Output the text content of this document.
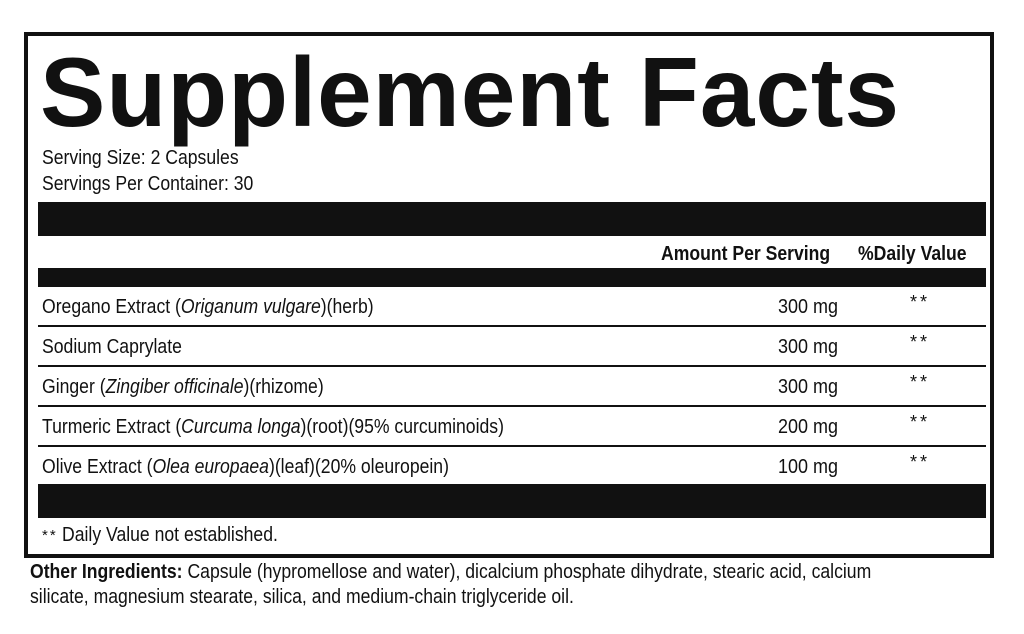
Supplement Facts
Serving Size: 2 Capsules
Servings Per Container: 30
Amount Per Serving %Daily Value
Oregano Extract (Origanum vulgare)(herb)	300 mg	**
Sodium Caprylate	300 mg	**
Ginger (Zingiber officinale)(rhizome)	300 mg	**
Turmeric Extract (Curcuma longa)(root)(95% curcuminoids)	200 mg	**
Olive Extract (Olea europaea)(leaf)(20% oleuropein)	100 mg	**
** Daily Value not established.
Other Ingredients: Capsule (hypromellose and water), dicalcium phosphate dihydrate, stearic acid, calcium silicate, magnesium stearate, silica, and medium-chain triglyceride oil.
